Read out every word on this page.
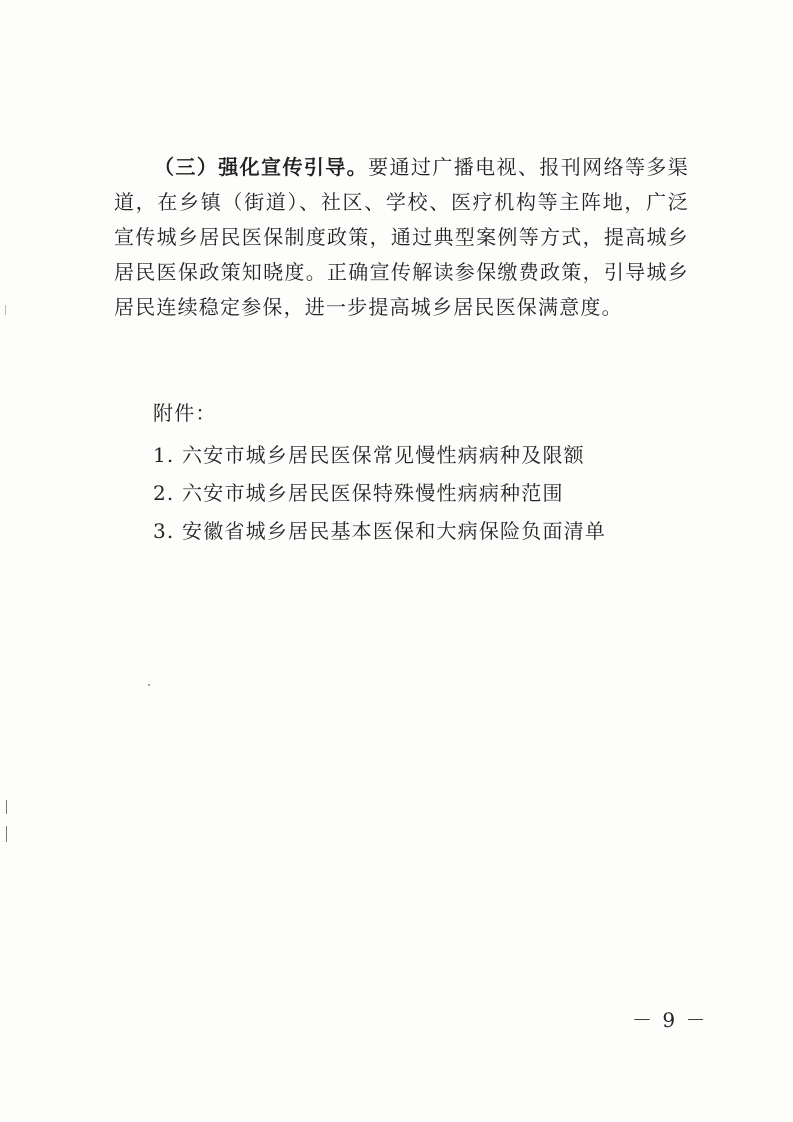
（三）强化宣传引导。要通过广播电视、报刊网络等多渠道，在乡镇（街道）、社区、学校、医疗机构等主阵地，广泛宣传城乡居民医保制度政策，通过典型案例等方式，提高城乡居民医保政策知晓度。正确宣传解读参保缴费政策，引导城乡居民连续稳定参保，进一步提高城乡居民医保满意度。

附件：

1. 六安市城乡居民医保常见慢性病病种及限额
2. 六安市城乡居民医保特殊慢性病病种范围
3. 安徽省城乡居民基本医保和大病保险负面清单

－ 9 －
